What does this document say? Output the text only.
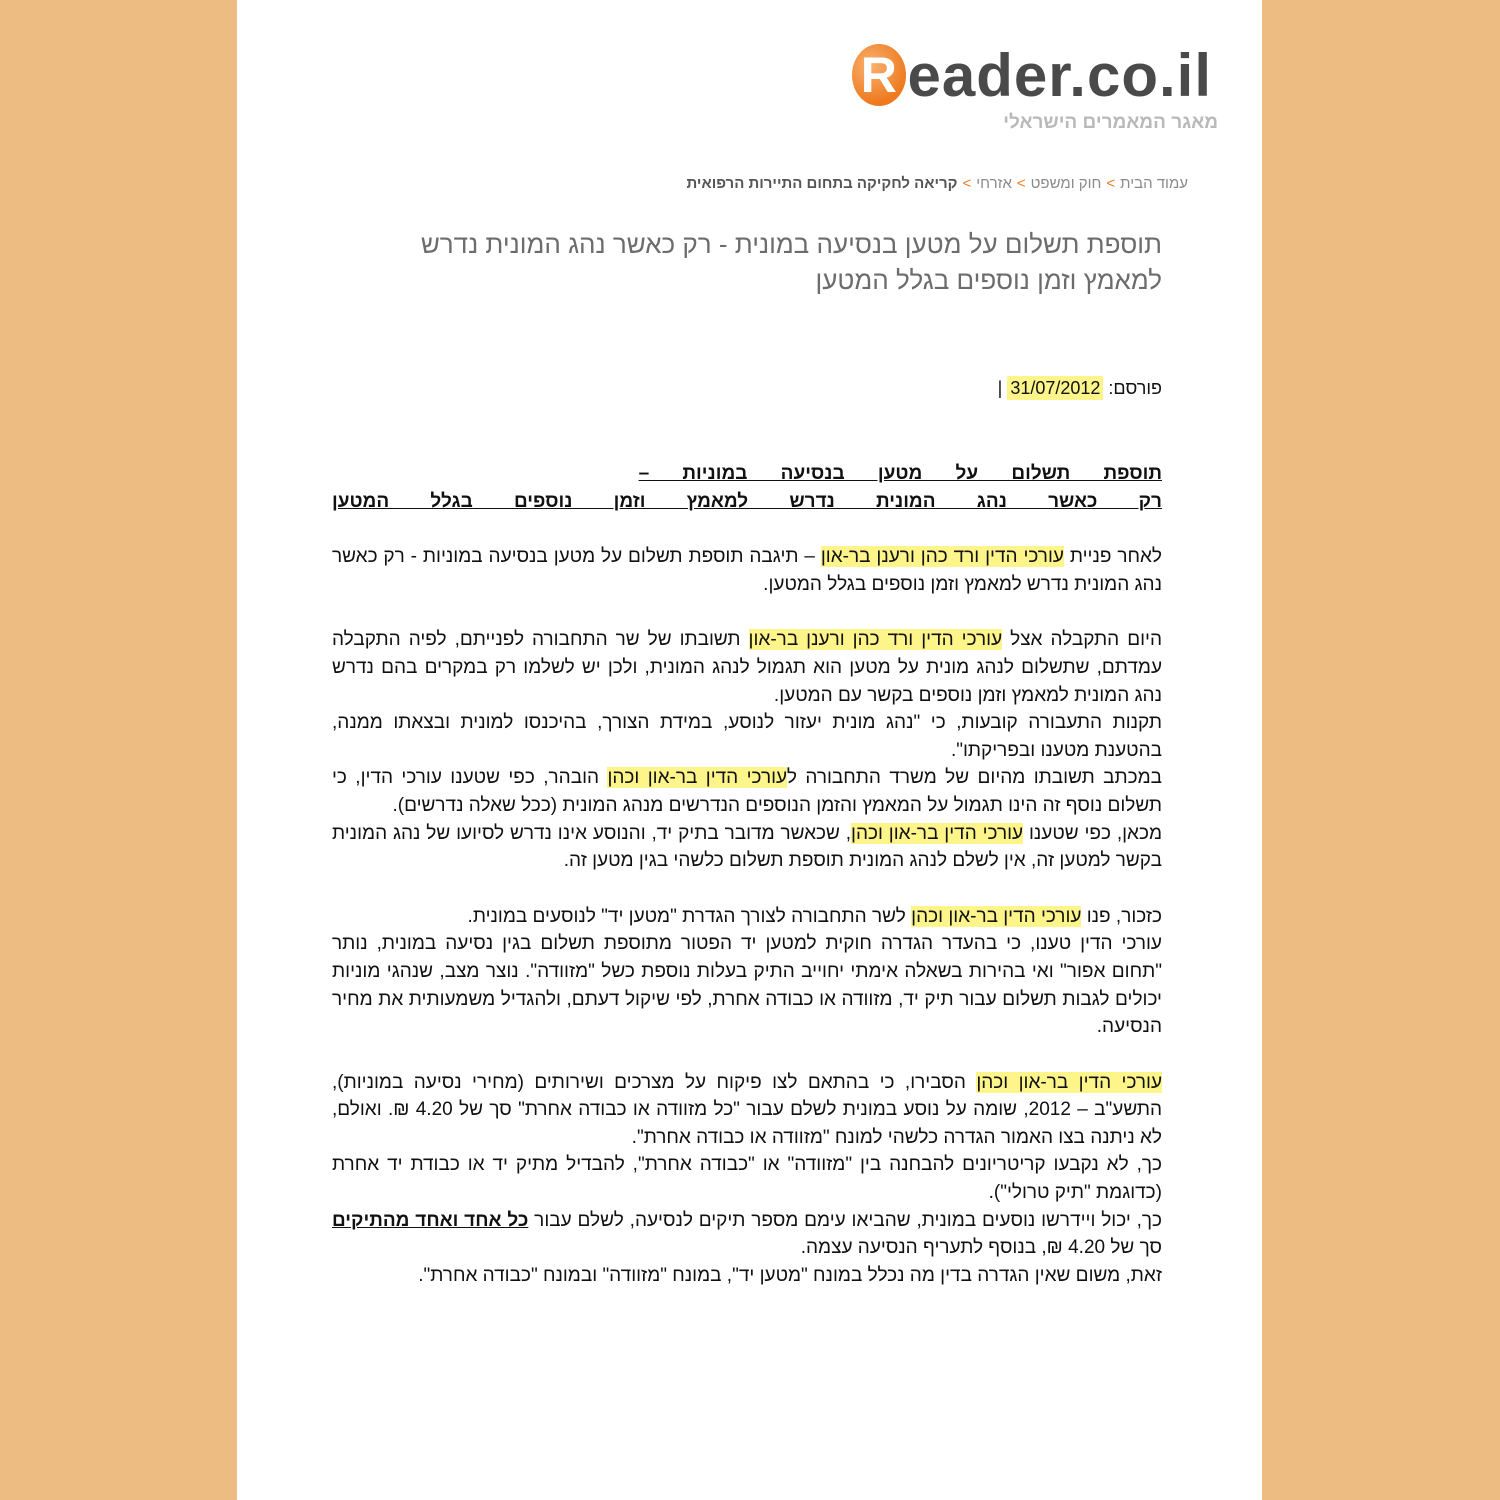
R eader.co.il
מאגר המאמרים הישראלי
עמוד הבית>חוק ומשפט>אזרחי>קריאה לחקיקה בתחום התיירות הרפואית
תוספת תשלום על מטען בנסיעה במונית - רק כאשר נהג המונית נדרש למאמץ וזמן נוספים בגלל המטען
פורסם: 31/07/2012 |

תוספת תשלום על מטען בנסיעה במוניות –

רק כאשר נהג המונית נדרש למאמץ וזמן נוספים בגלל המטען

לאחר פניית עורכי הדין ורד כהן ורענן בר-און – תיגבה תוספת תשלום על מטען בנסיעה במוניות - רק כאשר נהג המונית נדרש למאמץ וזמן נוספים בגלל המטען.

היום התקבלה אצל עורכי הדין ורד כהן ורענן בר-און תשובתו של שר התחבורה לפנייתם, לפיה התקבלה עמדתם, שתשלום לנהג מונית על מטען הוא תגמול לנהג המונית, ולכן יש לשלמו רק במקרים בהם נדרש נהג המונית למאמץ וזמן נוספים בקשר עם המטען.

תקנות התעבורה קובעות, כי "נהג מונית יעזור לנוסע, במידת הצורך, בהיכנסו למונית ובצאתו ממנה, בהטענת מטענו ובפריקתו".

במכתב תשובתו מהיום של משרד התחבורה לעורכי הדין בר-און וכהן הובהר, כפי שטענו עורכי הדין, כי תשלום נוסף זה הינו תגמול על המאמץ והזמן הנוספים הנדרשים מנהג המונית (ככל שאלה נדרשים).

מכאן, כפי שטענו עורכי הדין בר-און וכהן, שכאשר מדובר בתיק יד, והנוסע אינו נדרש לסיועו של נהג המונית בקשר למטען זה, אין לשלם לנהג המונית תוספת תשלום כלשהי בגין מטען זה.

כזכור, פנו עורכי הדין בר-און וכהן לשר התחבורה לצורך הגדרת "מטען יד" לנוסעים במונית.

עורכי הדין טענו, כי בהעדר הגדרה חוקית למטען יד הפטור מתוספת תשלום בגין נסיעה במונית, נותר "תחום אפור" ואי בהירות בשאלה אימתי יחוייב התיק בעלות נוספת כשל "מזוודה". נוצר מצב, שנהגי מוניות יכולים לגבות תשלום עבור תיק יד, מזוודה או כבודה אחרת, לפי שיקול דעתם, ולהגדיל משמעותית את מחיר הנסיעה.

עורכי הדין בר-און וכהן הסבירו, כי בהתאם לצו פיקוח על מצרכים ושירותים (מחירי נסיעה במוניות), התשע"ב – 2012, שומה על נוסע במונית לשלם עבור "כל מזוודה או כבודה אחרת" סך של 4.20 ₪. ואולם, לא ניתנה בצו האמור הגדרה כלשהי למונח "מזוודה או כבודה אחרת".

כך, לא נקבעו קריטריונים להבחנה בין "מזוודה" או "כבודה אחרת", להבדיל מתיק יד או כבודת יד אחרת (כדוגמת "תיק טרולי").

כך, יכול ויידרשו נוסעים במונית, שהביאו עימם מספר תיקים לנסיעה, לשלם עבור כל אחד ואחד מהתיקים סך של 4.20 ₪, בנוסף לתעריף הנסיעה עצמה.

זאת, משום שאין הגדרה בדין מה נכלל במונח "מטען יד", במונח "מזוודה" ובמונח "כבודה אחרת".
